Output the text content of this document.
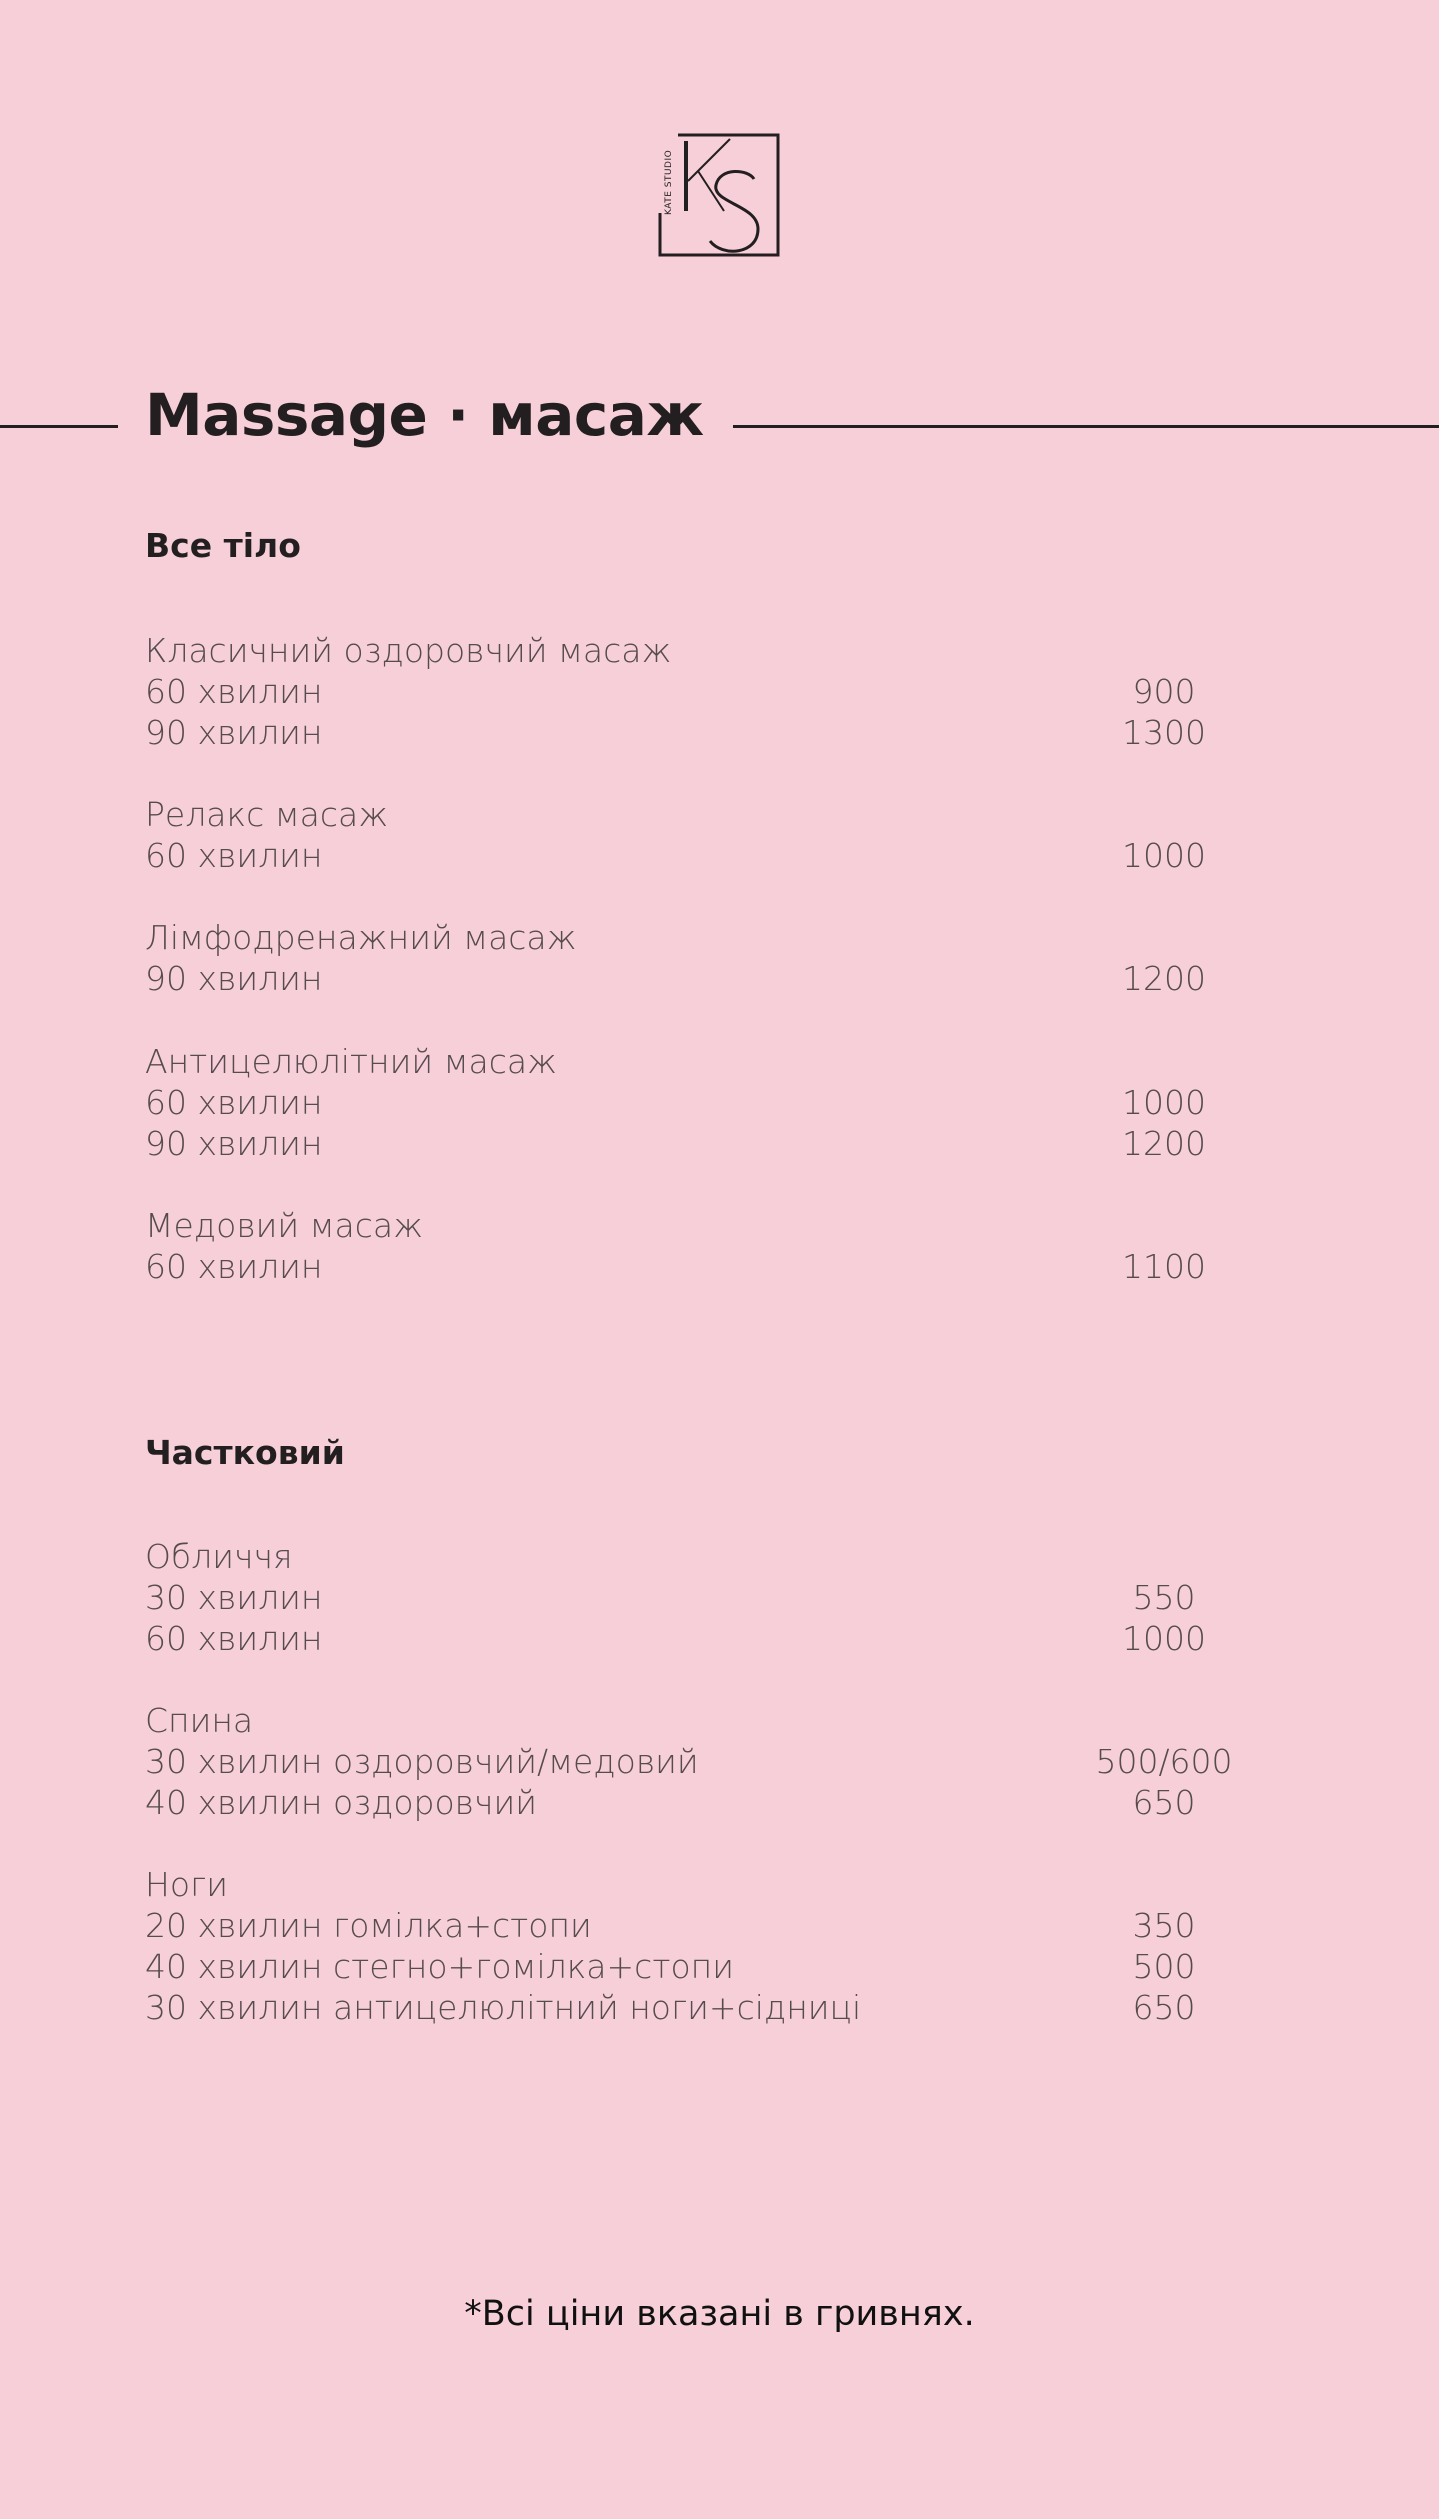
KATE STUDIO
Massage · масаж
Все тіло
Класичний оздоровчий масаж
60 хвилин	900
90 хвилин	1300
Релакс масаж
60 хвилин	1000
Лімфодренажний масаж
90 хвилин	1200
Антицелюлітний масаж
60 хвилин	1000
90 хвилин	1200
Медовий масаж
60 хвилин	1100
Частковий
Обличчя
30 хвилин	550
60 хвилин	1000
Спина
30 хвилин оздоровчий/медовий	500/600
40 хвилин оздоровчий	650
Ноги
20 хвилин гомілка+стопи	350
40 хвилин стегно+гомілка+стопи	500
30 хвилин антицелюлітний ноги+сідниці	650
*Всі ціни вказані в гривнях.
